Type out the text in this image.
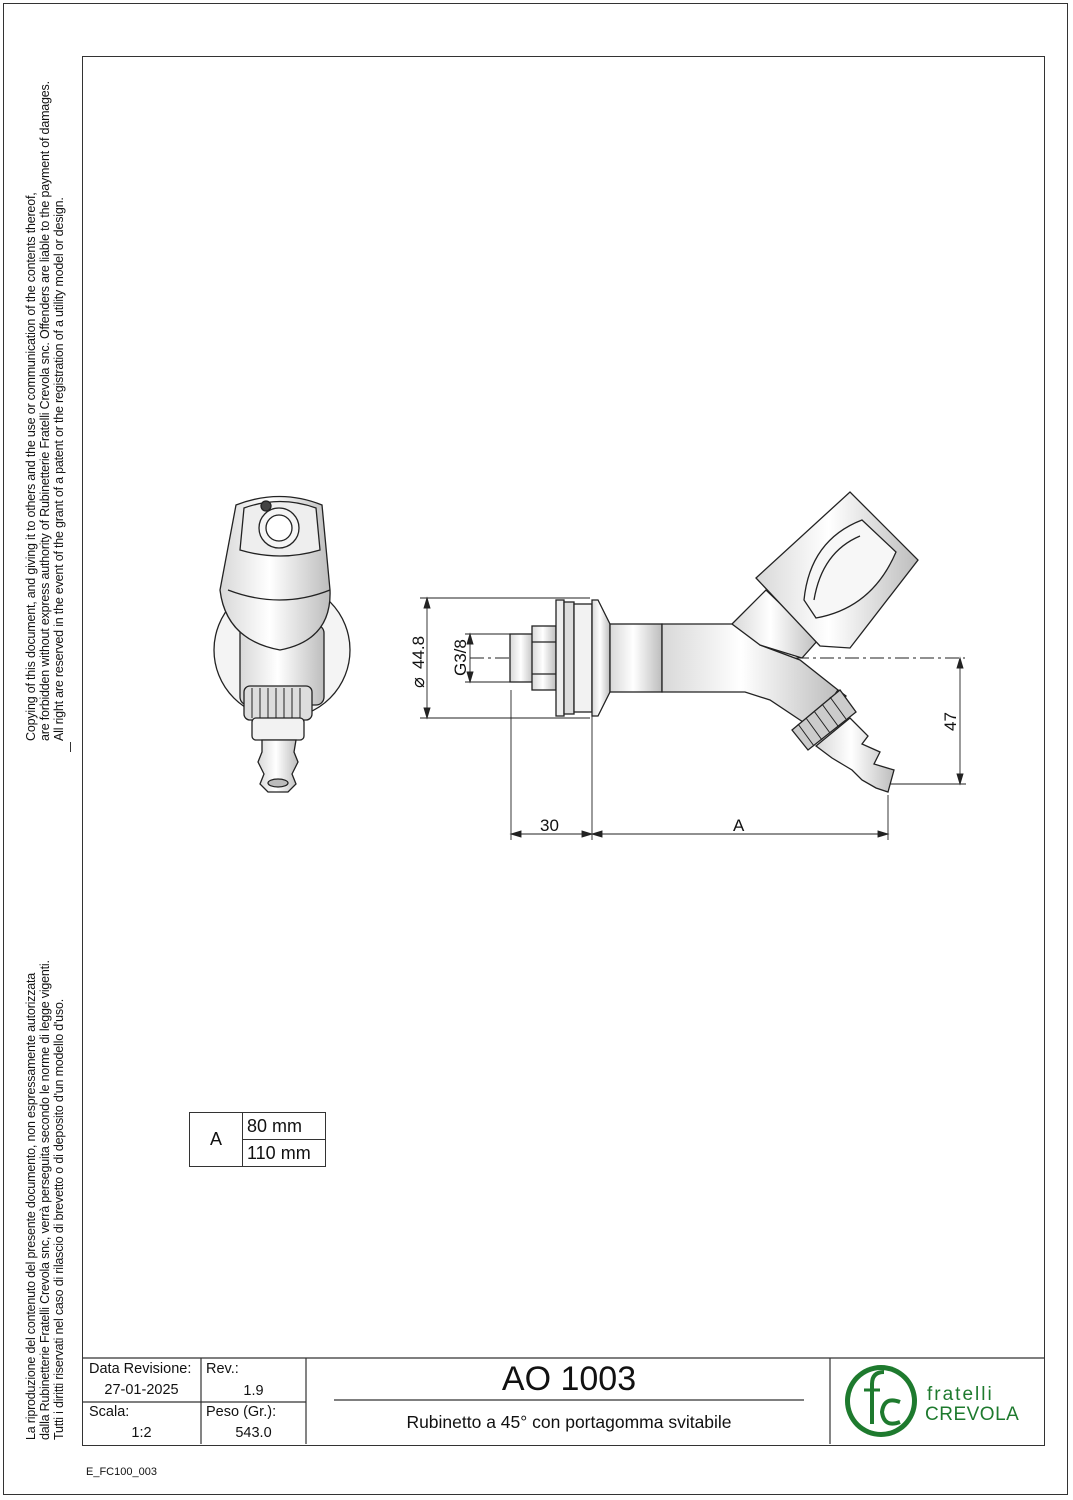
Copying of this document, and giving it to others and the use or communication of the contents thereof, are forbidden without express authority of Rubinetterie Fratelli Crevola snc. Offenders are liable to the payment of damages. All right are reserved in the event of the grant of a patent or the registration of a utility model or design.
La riproduzione del contenuto del presente documento, non espressamente autorizzata dalla Rubinetterie Fratelli Crevola snc, verrà perseguita secondo le norme di legge vigenti. Tutti i diritti riservati nel caso di rilascio di brevetto o di deposito d'un modello d'uso.
⌀
44.8 G3/8
47
30	A
fratelli
CREVOLA
A	80 mm
110 mm
Data Revisione:
27-01-2025
Rev.:
1.9
Scala:
1:2
Peso (Gr.):
543.0
AO 1003
Rubinetto a 45° con portagomma svitabile
E_FC100_003
